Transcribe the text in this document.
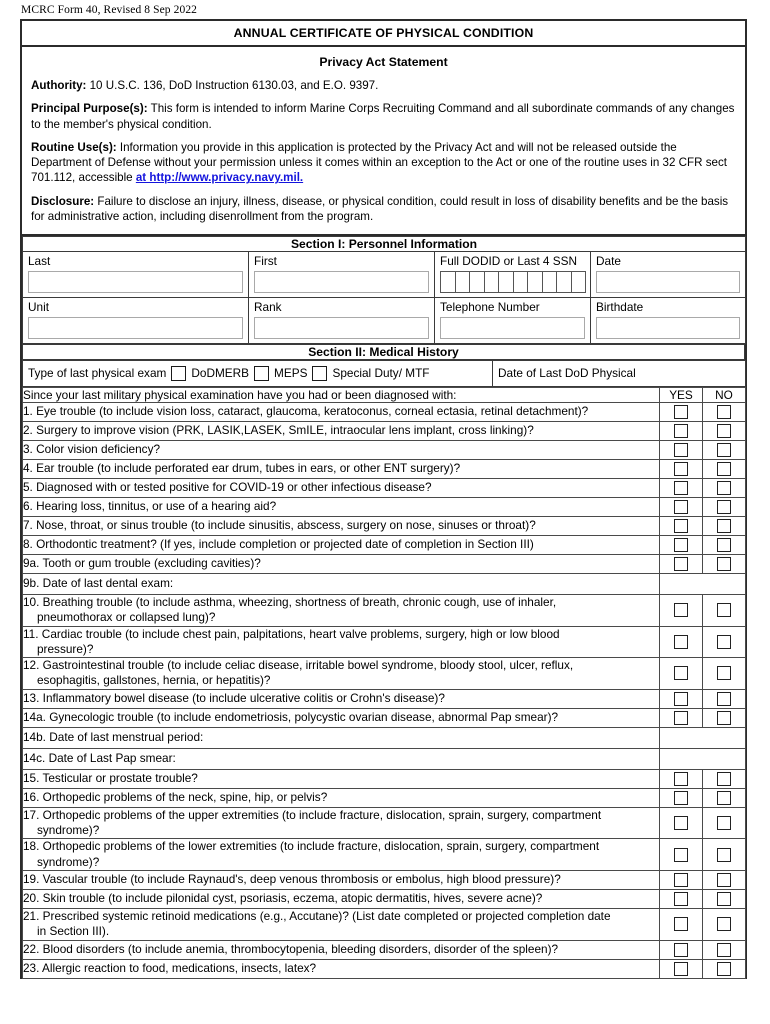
MCRC Form 40, Revised 8 Sep 2022
ANNUAL CERTIFICATE OF PHYSICAL CONDITION
Privacy Act Statement

Authority: 10 U.S.C. 136, DoD Instruction 6130.03, and E.O. 9397.

Principal Purpose(s): This form is intended to inform Marine Corps Recruiting Command and all subordinate commands of any changes to the member's physical condition.

Routine Use(s): Information you provide in this application is protected by the Privacy Act and will not be released outside the Department of Defense without your permission unless it comes within an exception to the Act or one of the routine uses in 32 CFR sect 701.112, accessible at http://www.privacy.navy.mil.

Disclosure: Failure to disclose an injury, illness, disease, or physical condition, could result in loss of disability benefits and be the basis for administrative action, including disenrollment from the program.

Section I: Personnel Information			

Last	First	Full DODID or Last 4 SSN	Date

Unit	Rank	Telephone Number	Birthdate
Section II: Medical History
Type of last physical exam	DoDMERB	MEPS	Special Duty/ MTF	Date of Last DoD Physical
Since your last military physical examination have you had or been diagnosed with:	YES	NO
1. Eye trouble (to include vision loss, cataract, glaucoma, keratoconus, corneal ectasia, retinal detachment)?		
2. Surgery to improve vision (PRK, LASIK,LASEK, SmILE, intraocular lens implant, cross linking)?		
3. Color vision deficiency?		
4. Ear trouble (to include perforated ear drum, tubes in ears, or other ENT surgery)?		
5. Diagnosed with or tested positive for COVID-19 or other infectious disease?		
6. Hearing loss, tinnitus, or use of a hearing aid?		
7. Nose, throat, or sinus trouble (to include sinusitis, abscess, surgery on nose, sinuses or throat)?		
8. Orthodontic treatment? (If yes, include completion or projected date of completion in Section III)		
9a. Tooth or gum trouble (excluding cavities)?		
9b. Date of last dental exam:		
10. Breathing trouble (to include asthma, wheezing, shortness of breath, chronic cough, use of inhaler,
pneumothorax or collapsed lung)?		

11. Cardiac trouble (to include chest pain, palpitations, heart valve problems, surgery, high or low blood
pressure)?		

12. Gastrointestinal trouble (to include celiac disease, irritable bowel syndrome, bloody stool, ulcer, reflux,
esophagitis, gallstones, hernia, or hepatitis)?		

13. Inflammatory bowel disease (to include ulcerative colitis or Crohn's disease)?		
14a. Gynecologic trouble (to include endometriosis, polycystic ovarian disease, abnormal Pap smear)?		
14b. Date of last menstrual period:		
14c. Date of Last Pap smear:		
15. Testicular or prostate trouble?		
16. Orthopedic problems of the neck, spine, hip, or pelvis?		
17. Orthopedic problems of the upper extremities (to include fracture, dislocation, sprain, surgery, compartment
syndrome)?		

18. Orthopedic problems of the lower extremities (to include fracture, dislocation, sprain, surgery, compartment
syndrome)?		

19. Vascular trouble (to include Raynaud's, deep venous thrombosis or embolus, high blood pressure)?		
20. Skin trouble (to include pilonidal cyst, psoriasis, eczema, atopic dermatitis, hives, severe acne)?		
21. Prescribed systemic retinoid medications (e.g., Accutane)? (List date completed or projected completion date
in Section III).		

22. Blood disorders (to include anemia, thrombocytopenia, bleeding disorders, disorder of the spleen)?		
23. Allergic reaction to food, medications, insects, latex?		
